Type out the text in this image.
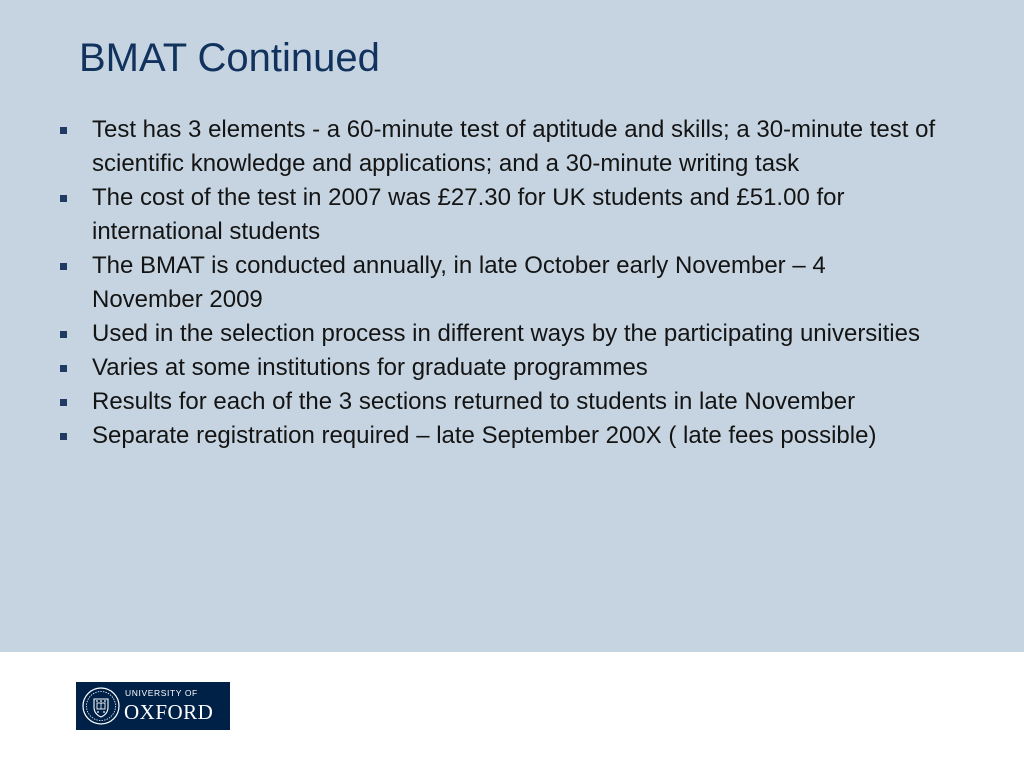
BMAT Continued
Test has 3 elements - a 60-minute test of aptitude and skills; a 30-minute test of scientific knowledge and applications; and a 30-minute writing task
The cost of the test in 2007 was £27.30 for UK students and £51.00 for international students
The BMAT is conducted annually, in late October early November – 4 November 2009
Used in the selection process in different ways by the participating universities
Varies at some institutions for graduate programmes
Results for each of the 3 sections returned to students in late November
Separate registration required – late September 200X ( late fees possible)
UNIVERSITY OF
OXFORD
